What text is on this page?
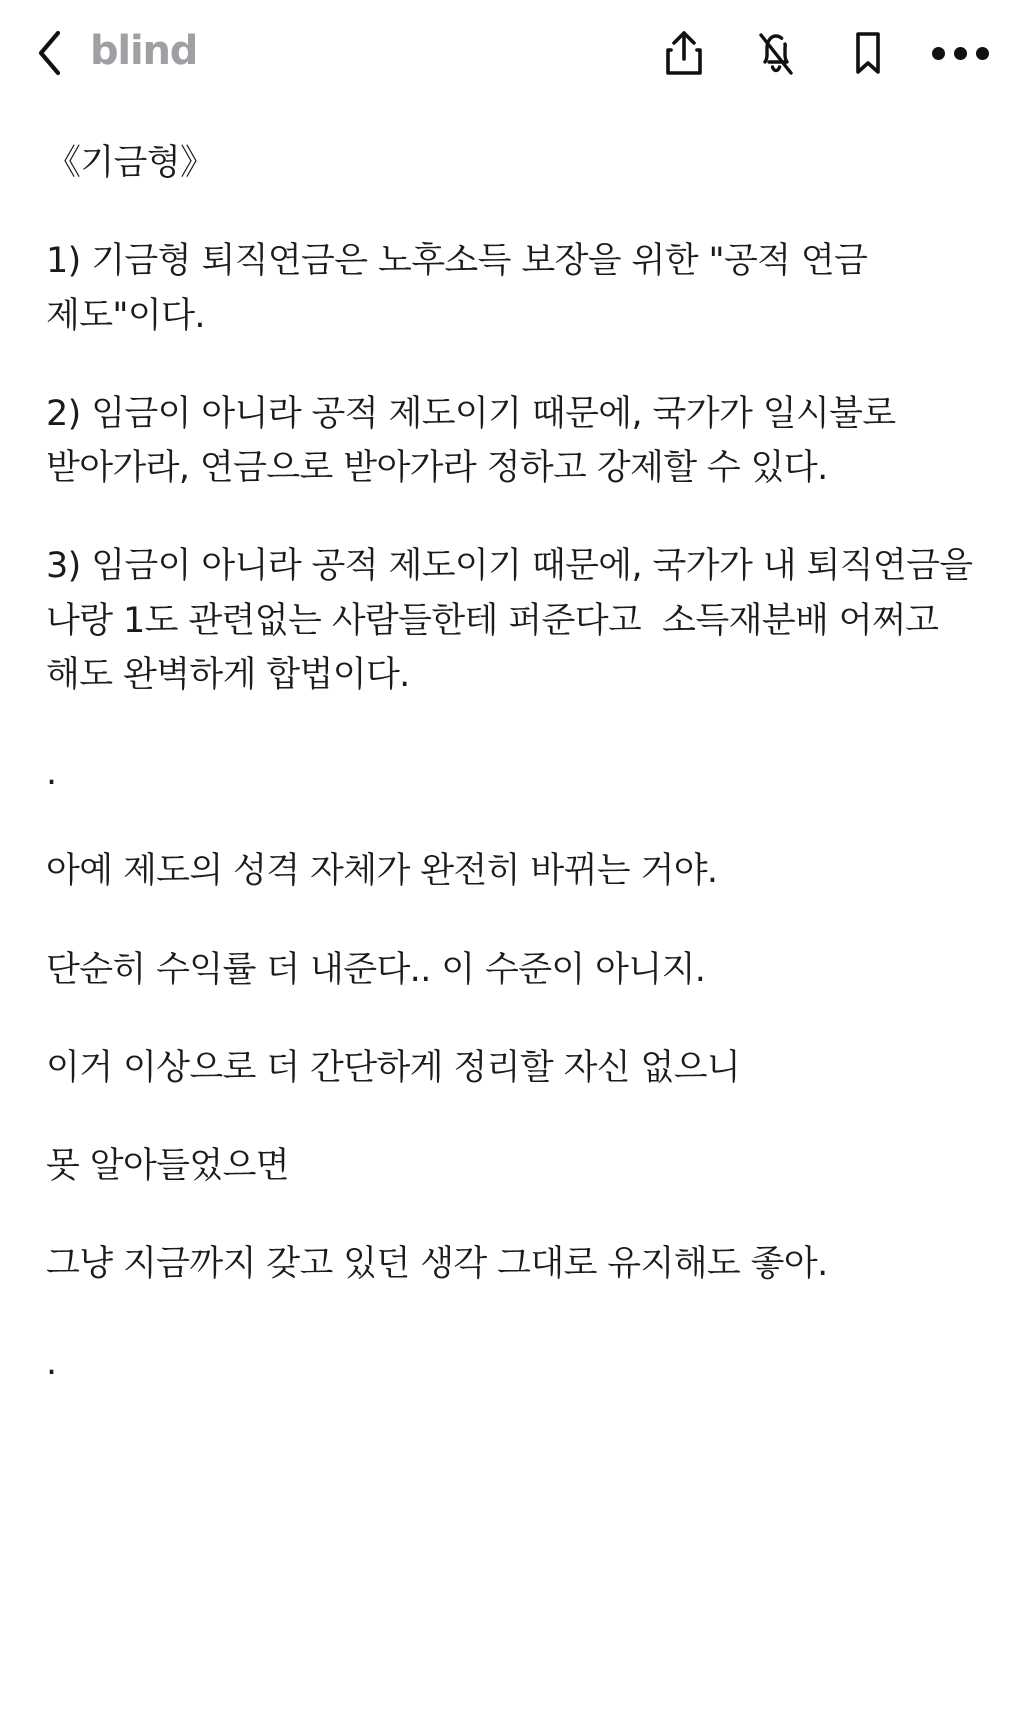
blind

《기금형》

1) 기금형 퇴직연금은 노후소득 보장을 위한 "공적 연금 제도"이다.

2) 임금이 아니라 공적 제도이기 때문에, 국가가 일시불로 받아가라, 연금으로 받아가라 정하고 강제할 수 있다.

3) 임금이 아니라 공적 제도이기 때문에, 국가가 내 퇴직연금을 나랑 1도 관련없는 사람들한테 퍼준다고  소득재분배 어쩌고 해도 완벽하게 합법이다.

.

아예 제도의 성격 자체가 완전히 바뀌는 거야.

단순히 수익률 더 내준다.. 이 수준이 아니지.

이거 이상으로 더 간단하게 정리할 자신 없으니

못 알아들었으면

그냥 지금까지 갖고 있던 생각 그대로 유지해도 좋아.

.
